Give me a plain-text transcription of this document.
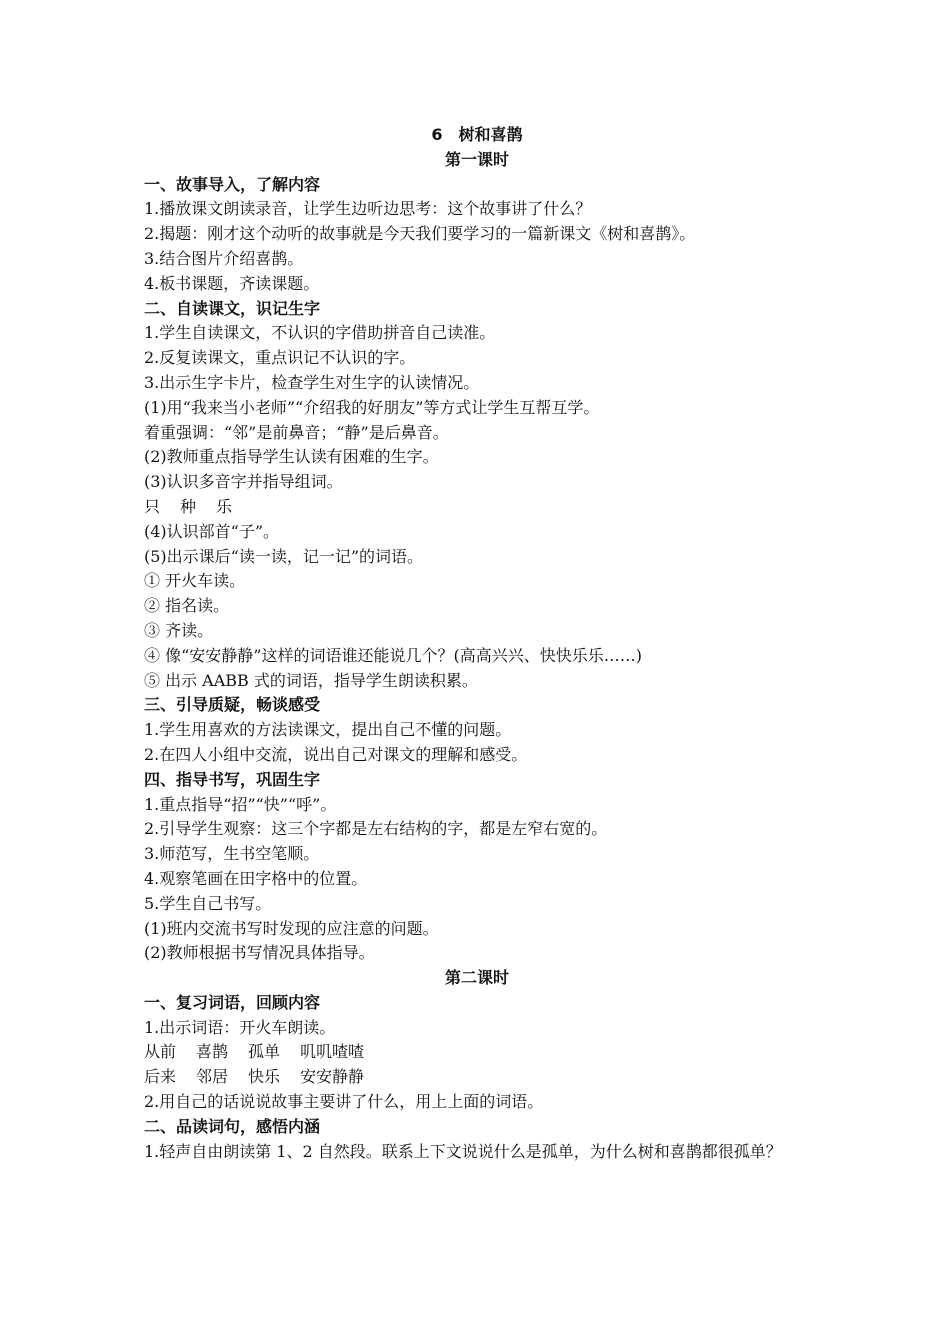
6　树和喜鹊
第一课时
一、故事导入，了解内容
1.播放课文朗读录音，让学生边听边思考：这个故事讲了什么？
2.揭题：刚才这个动听的故事就是今天我们要学习的一篇新课文《树和喜鹊》。
3.结合图片介绍喜鹊。
4.板书课题，齐读课题。
二、自读课文，识记生字
1.学生自读课文，不认识的字借助拼音自己读准。
2.反复读课文，重点识记不认识的字。
3.出示生字卡片，检查学生对生字的认读情况。
(1)用“我来当小老师”“介绍我的好朋友”等方式让学生互帮互学。
着重强调：“邻”是前鼻音；“静”是后鼻音。
(2)教师重点指导学生认读有困难的生字。
(3)认识多音字并指导组词。
只 种 乐
(4)认识部首“子”。
(5)出示课后“读一读，记一记”的词语。
① 开火车读。
② 指名读。
③ 齐读。
④ 像“安安静静”这样的词语谁还能说几个？(高高兴兴、快快乐乐……)
⑤ 出示 AABB 式的词语，指导学生朗读积累。
三、引导质疑，畅谈感受
1.学生用喜欢的方法读课文，提出自己不懂的问题。
2.在四人小组中交流，说出自己对课文的理解和感受。
四、指导书写，巩固生字
1.重点指导“招”“快”“呼”。
2.引导学生观察：这三个字都是左右结构的字，都是左窄右宽的。
3.师范写，生书空笔顺。
4.观察笔画在田字格中的位置。
5.学生自己书写。
(1)班内交流书写时发现的应注意的问题。
(2)教师根据书写情况具体指导。
第二课时
一、复习词语，回顾内容
1.出示词语：开火车朗读。
从前 喜鹊 孤单 叽叽喳喳
后来 邻居 快乐 安安静静
2.用自己的话说说故事主要讲了什么，用上上面的词语。
二、品读词句，感悟内涵
1.轻声自由朗读第 1、2 自然段。联系上下文说说什么是孤单，为什么树和喜鹊都很孤单？
